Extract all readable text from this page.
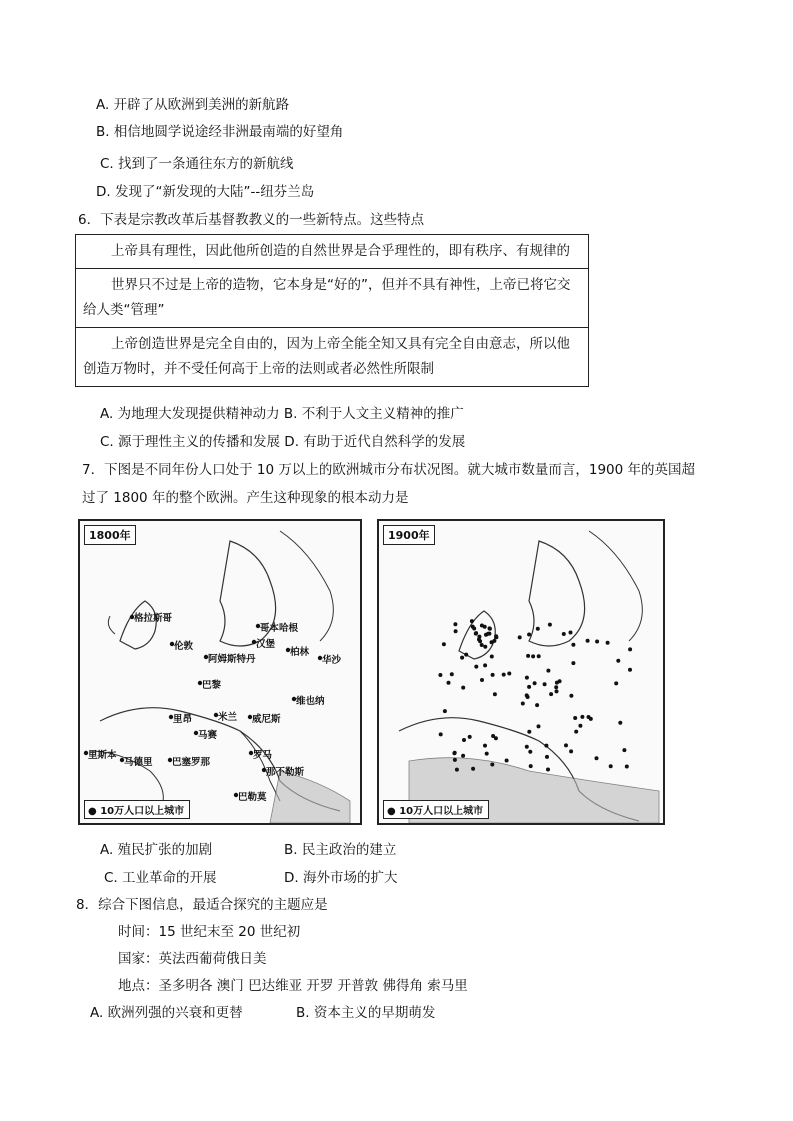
A. 开辟了从欧洲到美洲的新航路
B. 相信地圆学说途经非洲最南端的好望角
C. 找到了一条通往东方的新航线
D. 发现了“新发现的大陆”--纽芬兰岛
6．下表是宗教改革后基督教教义的一些新特点。这些特点
上帝具有理性，因此他所创造的自然世界是合乎理性的，即有秩序、有规律的
世界只不过是上帝的造物，它本身是“好的”，但并不具有神性，上帝已将它交给人类“管理”
上帝创造世界是完全自由的，因为上帝全能全知又具有完全自由意志，所以他创造万物时，并不受任何高于上帝的法则或者必然性所限制
A. 为地理大发现提供精神动力 B. 不利于人文主义精神的推广
C. 源于理性主义的传播和发展 D. 有助于近代自然科学的发展
7．下图是不同年份人口处于 10 万以上的欧洲城市分布状况图。就大城市数量而言，1900 年的英国超
过了 1800 年的整个欧洲。产生这种现象的根本动力是
1800年
格拉斯哥
伦敦
阿姆斯特丹
柏林
汉堡
哥本哈根
华沙
巴黎
维也纳
里昂	米兰 威尼斯
马赛
罗马
那不勒斯
巴塞罗那
马德里
里斯本
巴勒莫
● 10万人口以上城市
1900年
● 10万人口以上城市
A. 殖民扩张的加剧	B. 民主政治的建立
C. 工业革命的开展	D. 海外市场的扩大
8．综合下图信息，最适合探究的主题应是
时间：15 世纪末至 20 世纪初
国家：英法西葡荷俄日美
地点：圣多明各 澳门 巴达维亚 开罗 开普敦 佛得角 索马里
A. 欧洲列强的兴衰和更替	B. 资本主义的早期萌发
